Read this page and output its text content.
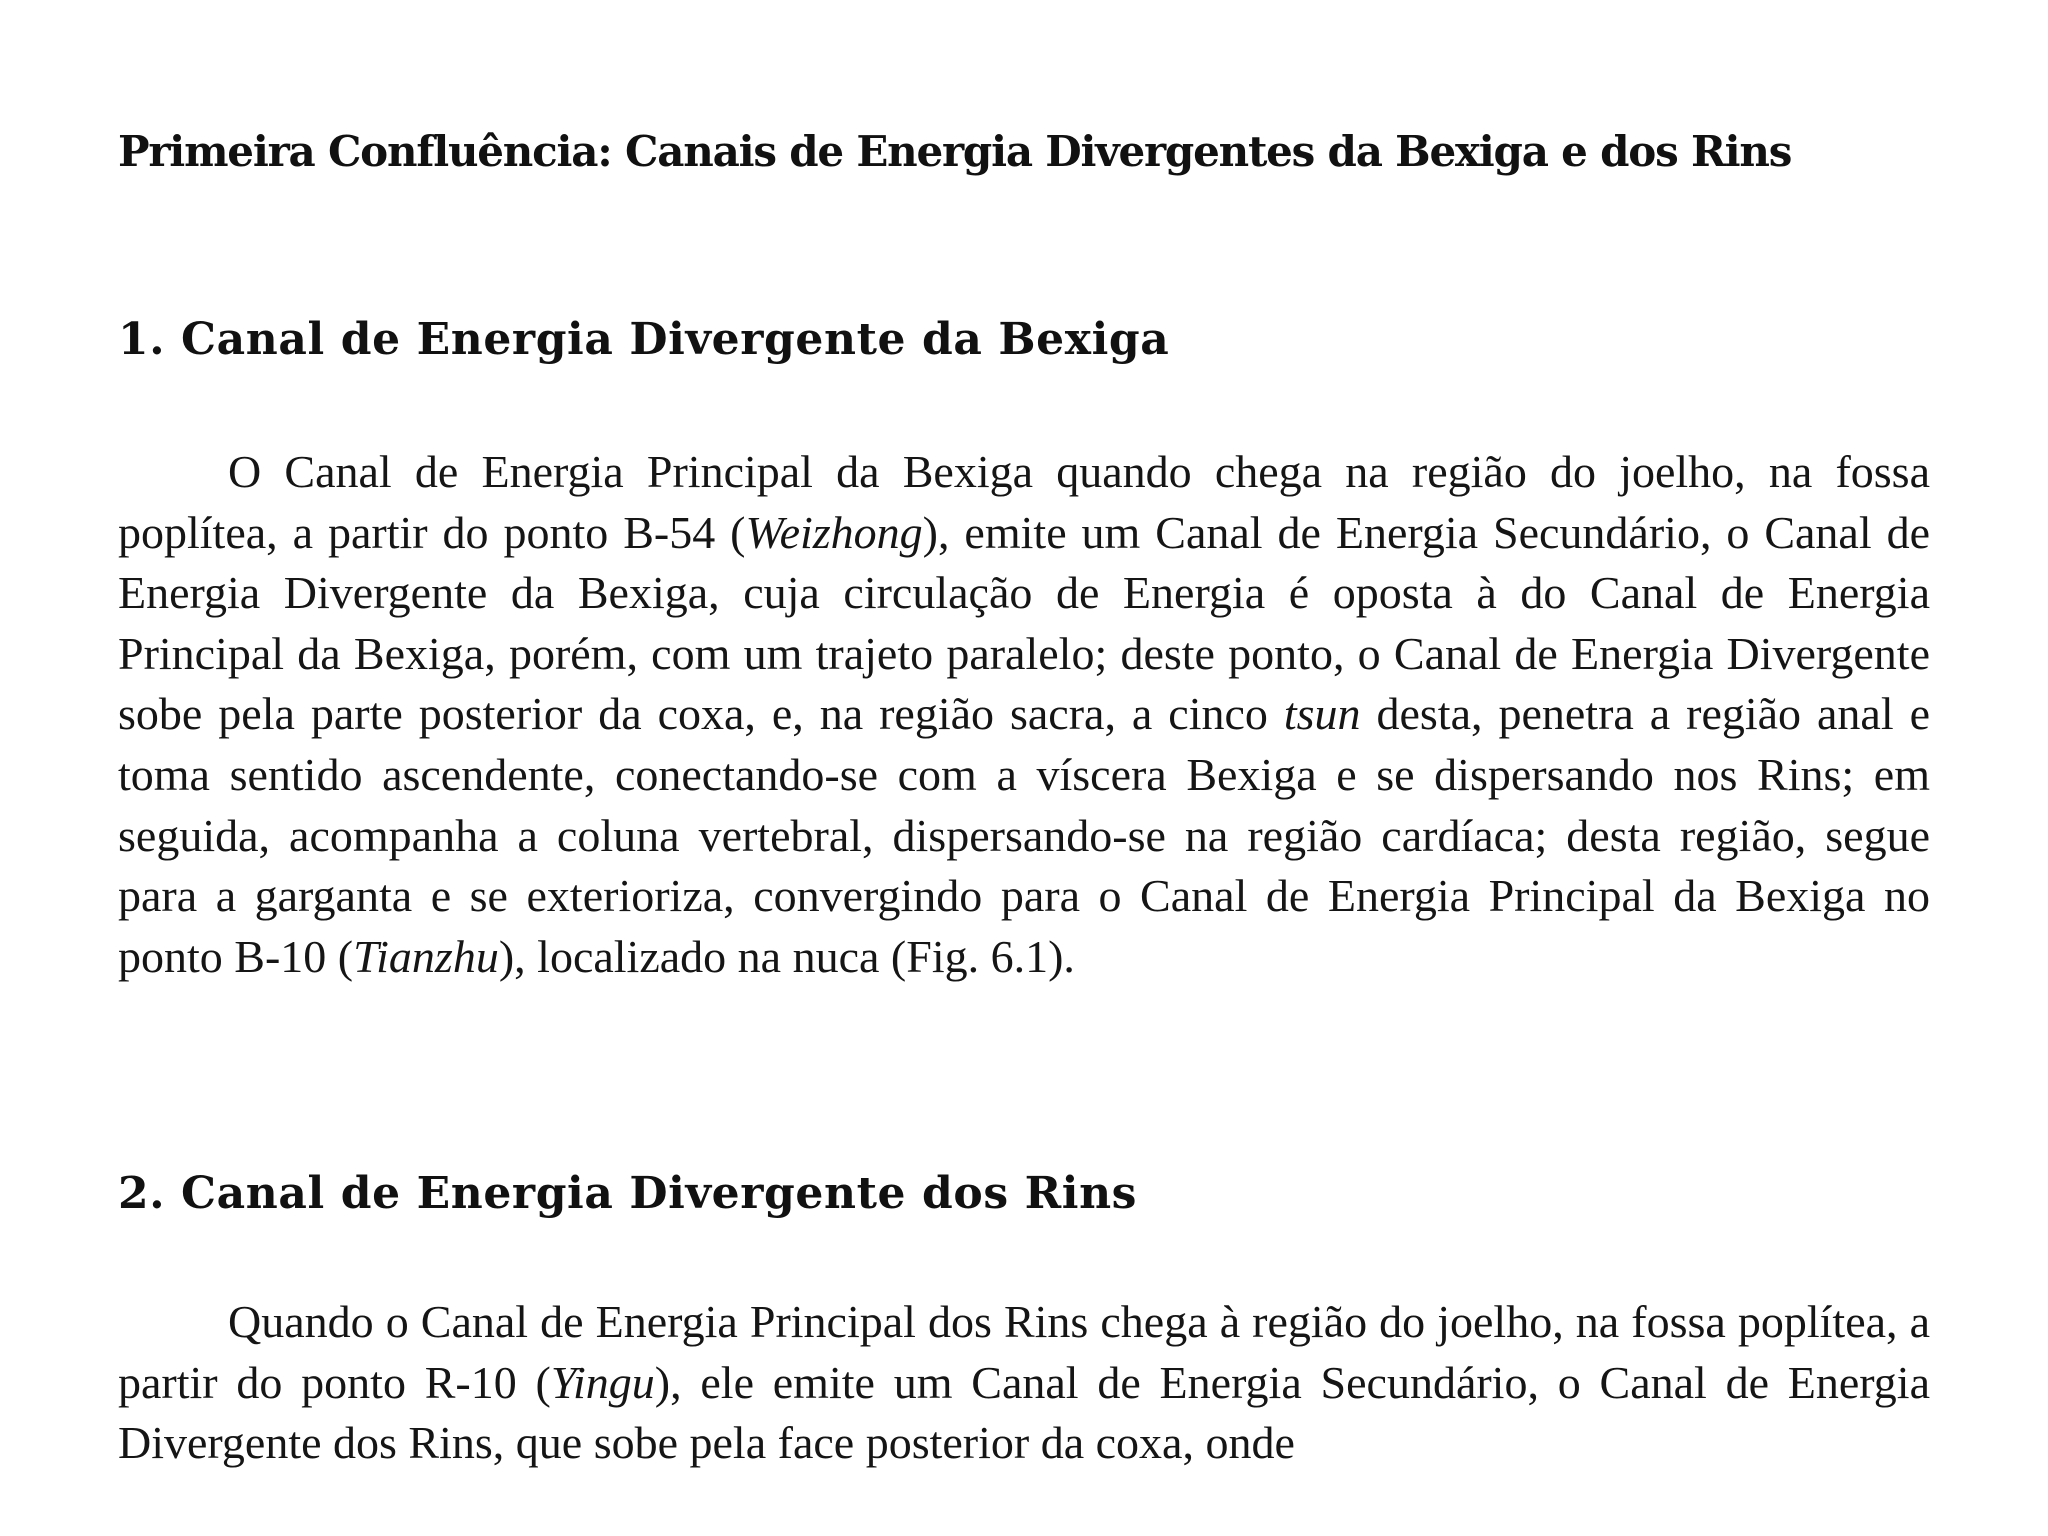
Primeira Confluência: Canais de Energia Divergentes da Bexiga e dos Rins
1. Canal de Energia Divergente da Bexiga

O Canal de Energia Principal da Bexiga quando chega na região do joelho, na fossa poplítea, a partir do ponto B-54 (Weizhong), emite um Canal de Energia Secundário, o Canal de Energia Divergente da Bexiga, cuja circulação de Energia é oposta à do Canal de Energia Principal da Bexiga, porém, com um trajeto paralelo; deste ponto, o Canal de Energia Divergente sobe pela parte posterior da coxa, e, na região sacra, a cinco tsun desta, penetra a região anal e toma sentido ascendente, conectando-se com a víscera Bexiga e se dispersando nos Rins; em seguida, acompanha a coluna vertebral, dispersando-se na região cardíaca; desta região, segue para a garganta e se exterioriza, convergindo para o Canal de Energia Principal da Bexiga no ponto B-10 (Tianzhu), localizado na nuca (Fig. 6.1).

2. Canal de Energia Divergente dos Rins

Quando o Canal de Energia Principal dos Rins chega à região do joelho, na fossa poplítea, a partir do ponto R-10 (Yingu), ele emite um Canal de Energia Secundário, o Canal de Energia Divergente dos Rins, que sobe pela face posterior da coxa, onde
